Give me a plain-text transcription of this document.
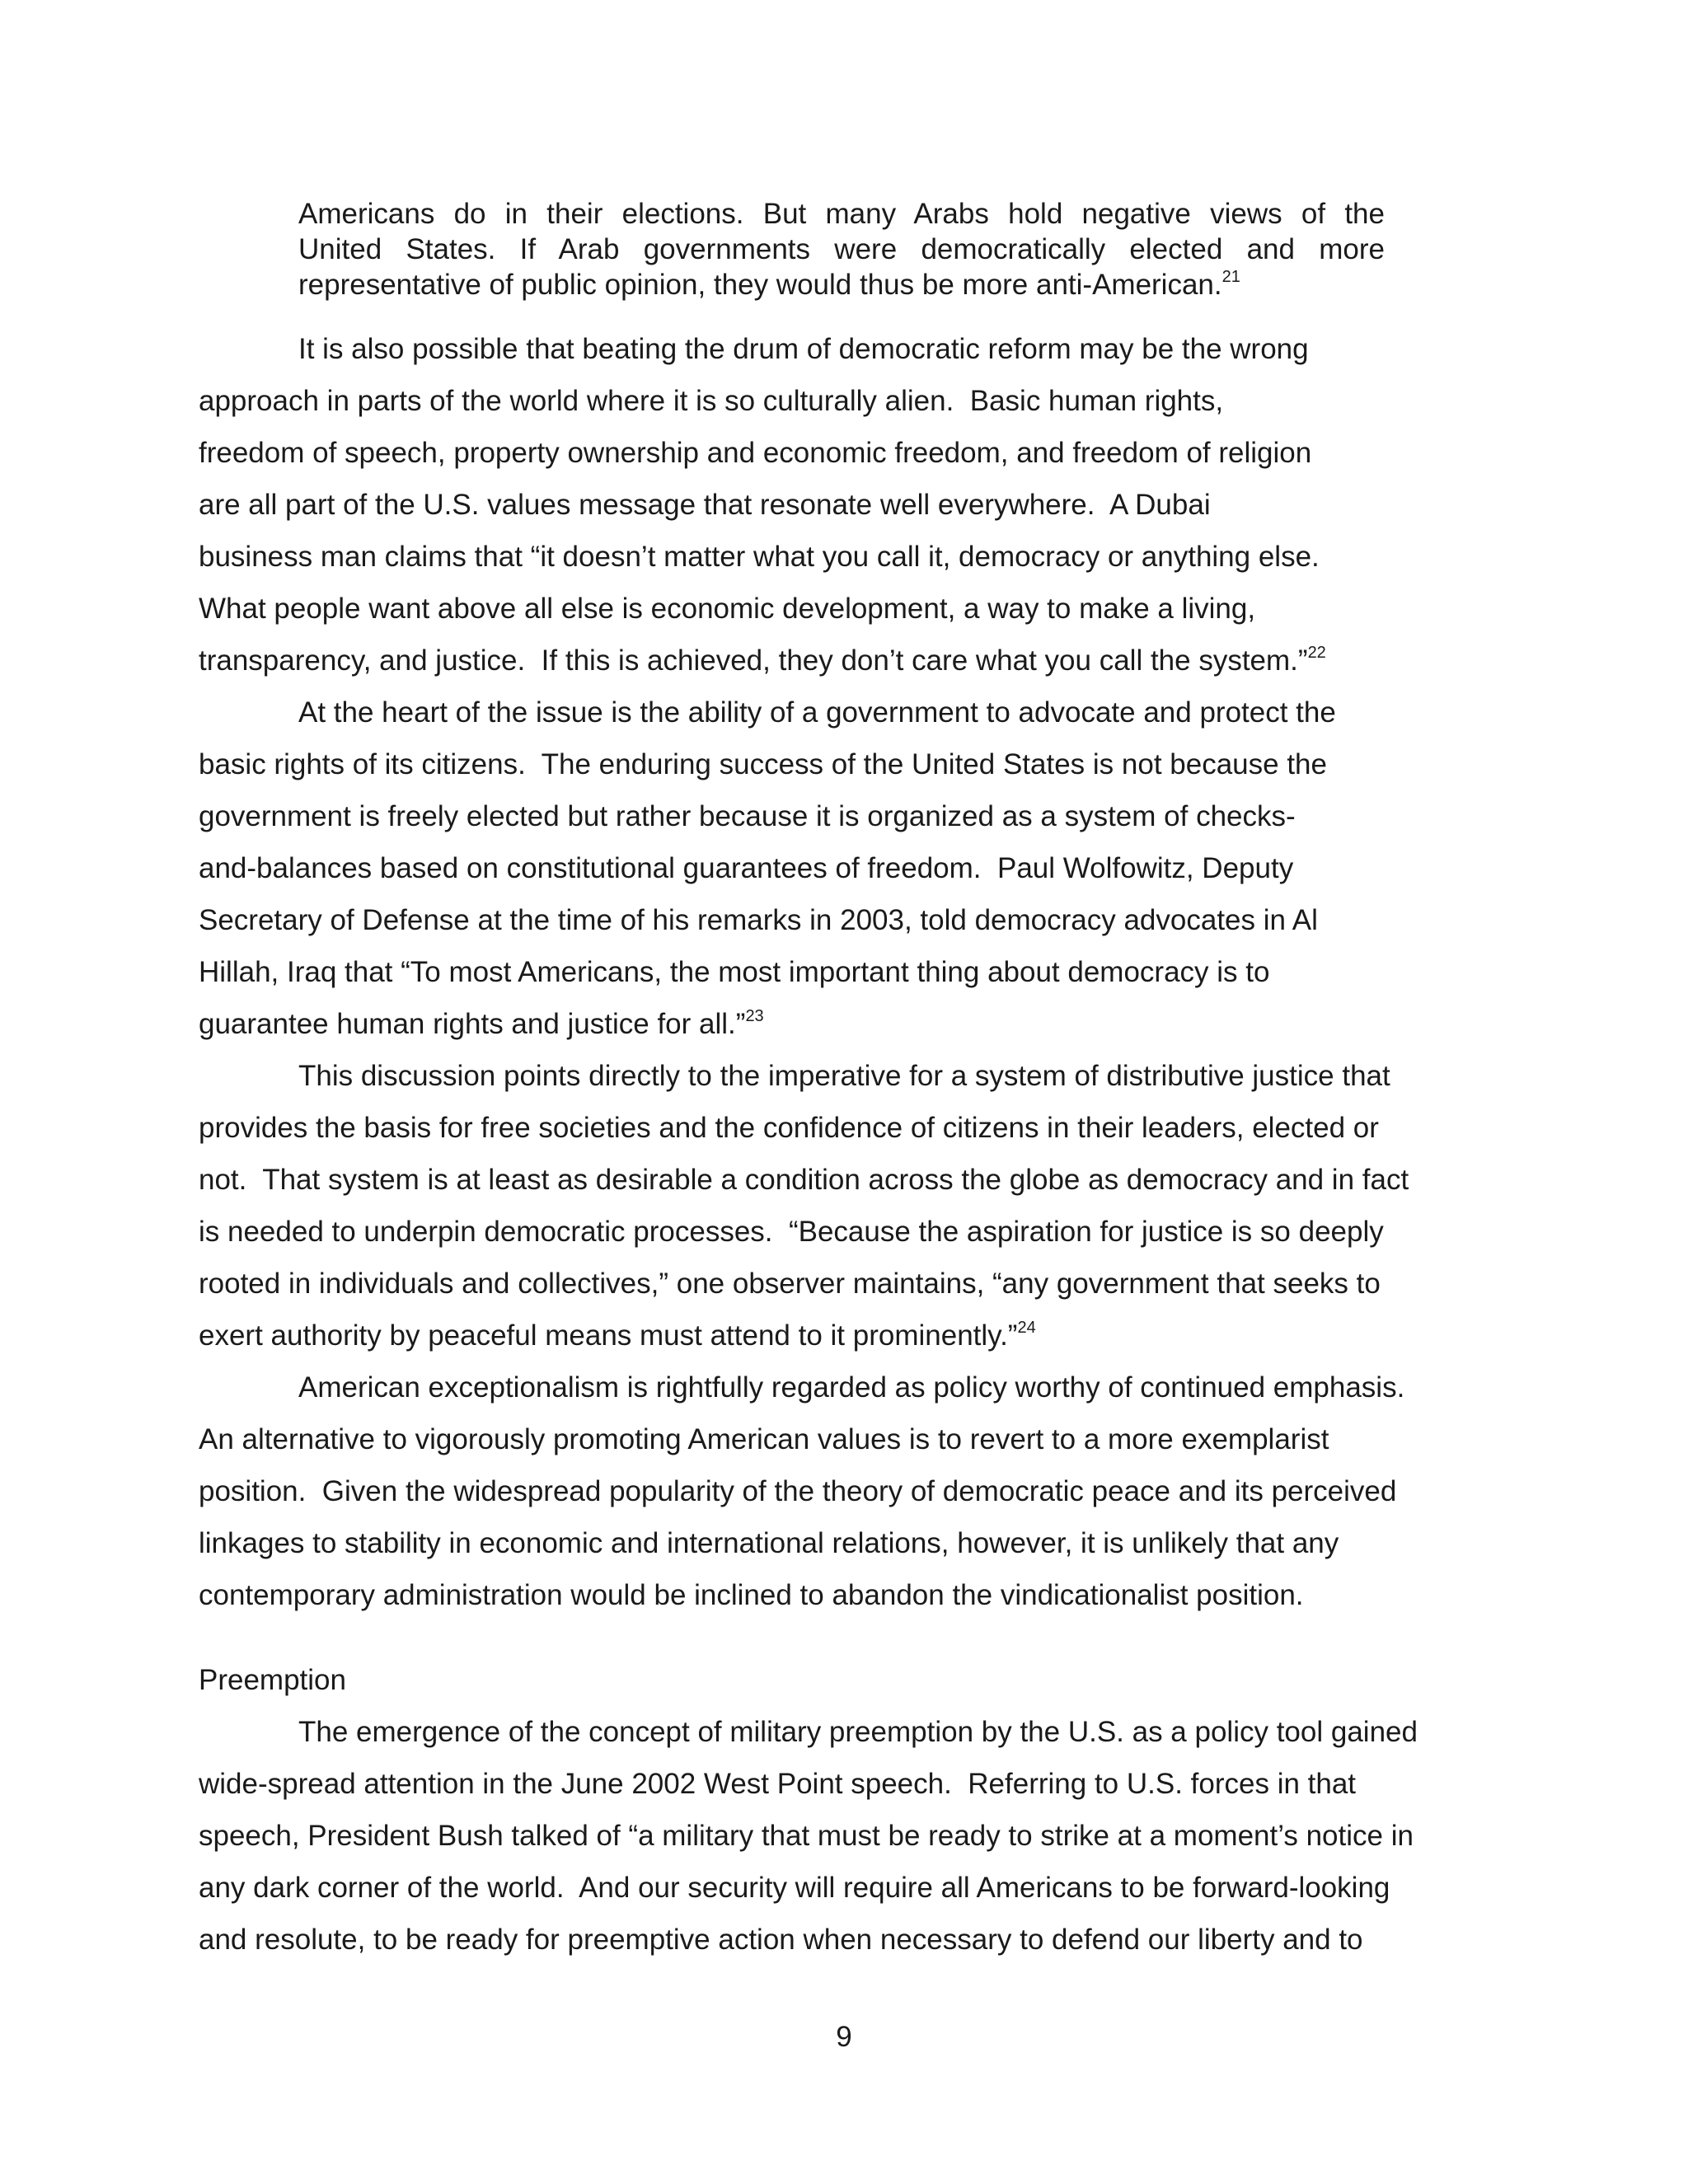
Americans do in their elections. But many Arabs hold negative views of the
United States. If Arab governments were democratically elected and more
representative of public opinion, they would thus be more anti-American.$^{21}$
It is also possible that beating the drum of democratic reform may be the wrong
approach in parts of the world where it is so culturally alien.  Basic human rights,
freedom of speech, property ownership and economic freedom, and freedom of religion
are all part of the U.S. values message that resonate well everywhere.  A Dubai
business man claims that “it doesn’t matter what you call it, democracy or anything else.
What people want above all else is economic development, a way to make a living,
transparency, and justice.  If this is achieved, they don’t care what you call the system.”$^{22}$
At the heart of the issue is the ability of a government to advocate and protect the
basic rights of its citizens.  The enduring success of the United States is not because the
government is freely elected but rather because it is organized as a system of checks-
and-balances based on constitutional guarantees of freedom.  Paul Wolfowitz, Deputy
Secretary of Defense at the time of his remarks in 2003, told democracy advocates in Al
Hillah, Iraq that “To most Americans, the most important thing about democracy is to
guarantee human rights and justice for all.”$^{23}$
This discussion points directly to the imperative for a system of distributive justice that
provides the basis for free societies and the confidence of citizens in their leaders, elected or
not.  That system is at least as desirable a condition across the globe as democracy and in fact
is needed to underpin democratic processes.  “Because the aspiration for justice is so deeply
rooted in individuals and collectives,” one observer maintains, “any government that seeks to
exert authority by peaceful means must attend to it prominently.”$^{24}$
American exceptionalism is rightfully regarded as policy worthy of continued emphasis.
An alternative to vigorously promoting American values is to revert to a more exemplarist
position.  Given the widespread popularity of the theory of democratic peace and its perceived
linkages to stability in economic and international relations, however, it is unlikely that any
contemporary administration would be inclined to abandon the vindicationalist position.
Preemption
The emergence of the concept of military preemption by the U.S. as a policy tool gained
wide-spread attention in the June 2002 West Point speech.  Referring to U.S. forces in that
speech, President Bush talked of “a military that must be ready to strike at a moment’s notice in
any dark corner of the world.  And our security will require all Americans to be forward-looking
and resolute, to be ready for preemptive action when necessary to defend our liberty and to
9
